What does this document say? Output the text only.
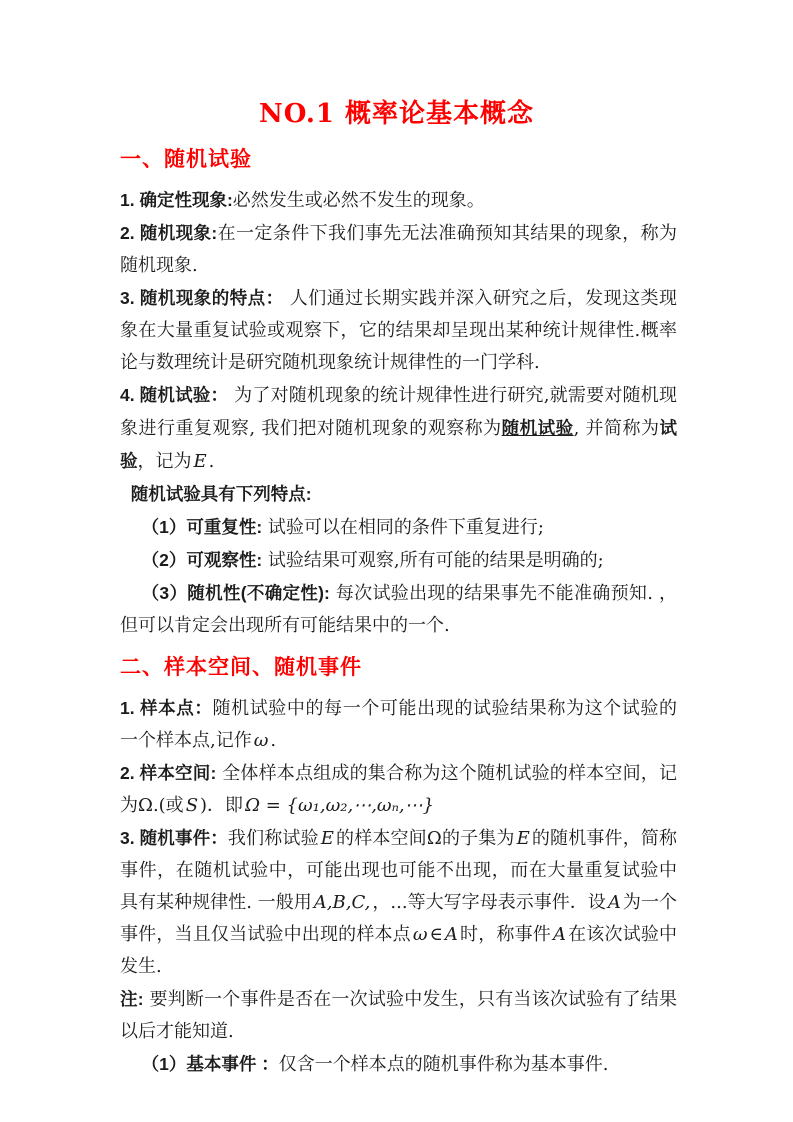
NO.1 概率论基本概念
一、随机试验

1. 确定性现象:必然发生或必然不发生的现象。

2. 随机现象:在一定条件下我们事先无法准确预知其结果的现象，称为随机现象.

3. 随机现象的特点： 人们通过长期实践并深入研究之后，发现这类现象在大量重复试验或观察下，它的结果却呈现出某种统计规律性.概率论与数理统计是研究随机现象统计规律性的一门学科.

4. 随机试验： 为了对随机现象的统计规律性进行研究,就需要对随机现象进行重复观察, 我们把对随机现象的观察称为随机试验, 并简称为试验，记为 E .

随机试验具有下列特点:

（1）可重复性: 试验可以在相同的条件下重复进行;

（2）可观察性: 试验结果可观察,所有可能的结果是明确的;

（3）随机性(不确定性): 每次试验出现的结果事先不能准确预知. ，但可以肯定会出现所有可能结果中的一个.

二、样本空间、随机事件

1. 样本点：随机试验中的每一个可能出现的试验结果称为这个试验的一个样本点,记作 ω .

2. 样本空间: 全体样本点组成的集合称为这个随机试验的样本空间，记为Ω.(或 S )．即 Ω = {ω₁,ω₂,⋯,ωₙ,⋯}

3. 随机事件：我们称试验 E 的样本空间Ω的子集为 E 的随机事件，简称事件，在随机试验中，可能出现也可能不出现，而在大量重复试验中具有某种规律性. 一般用 A,B,C, ，...等大写字母表示事件．设 A 为一个事件，当且仅当试验中出现的样本点 ω ∈ A 时，称事件 A 在该次试验中发生.

注: 要判断一个事件是否在一次试验中发生，只有当该次试验有了结果以后才能知道.

（1）基本事件 ：仅含一个样本点的随机事件称为基本事件.
